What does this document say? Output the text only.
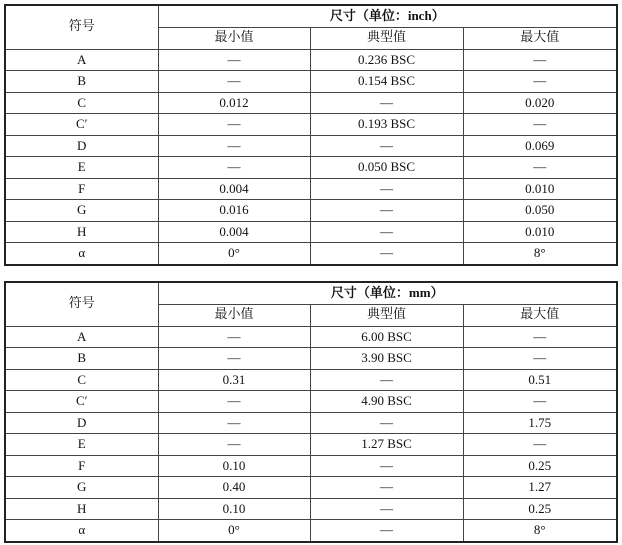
符号	尺寸（单位：inch）		
	最小值	典型值	最大值
A	—	0.236 BSC	—
B	—	0.154 BSC	—
C	0.012	—	0.020
C′	—	0.193 BSC	—
D	—	—	0.069
E	—	0.050 BSC	—
F	0.004	—	0.010
G	0.016	—	0.050
H	0.004	—	0.010
α	0°	—	8°
符号	尺寸（单位：mm）		
	最小值	典型值	最大值
A	—	6.00 BSC	—
B	—	3.90 BSC	—
C	0.31	—	0.51
C′	—	4.90 BSC	—
D	—	—	1.75
E	—	1.27 BSC	—
F	0.10	—	0.25
G	0.40	—	1.27
H	0.10	—	0.25
α	0°	—	8°
